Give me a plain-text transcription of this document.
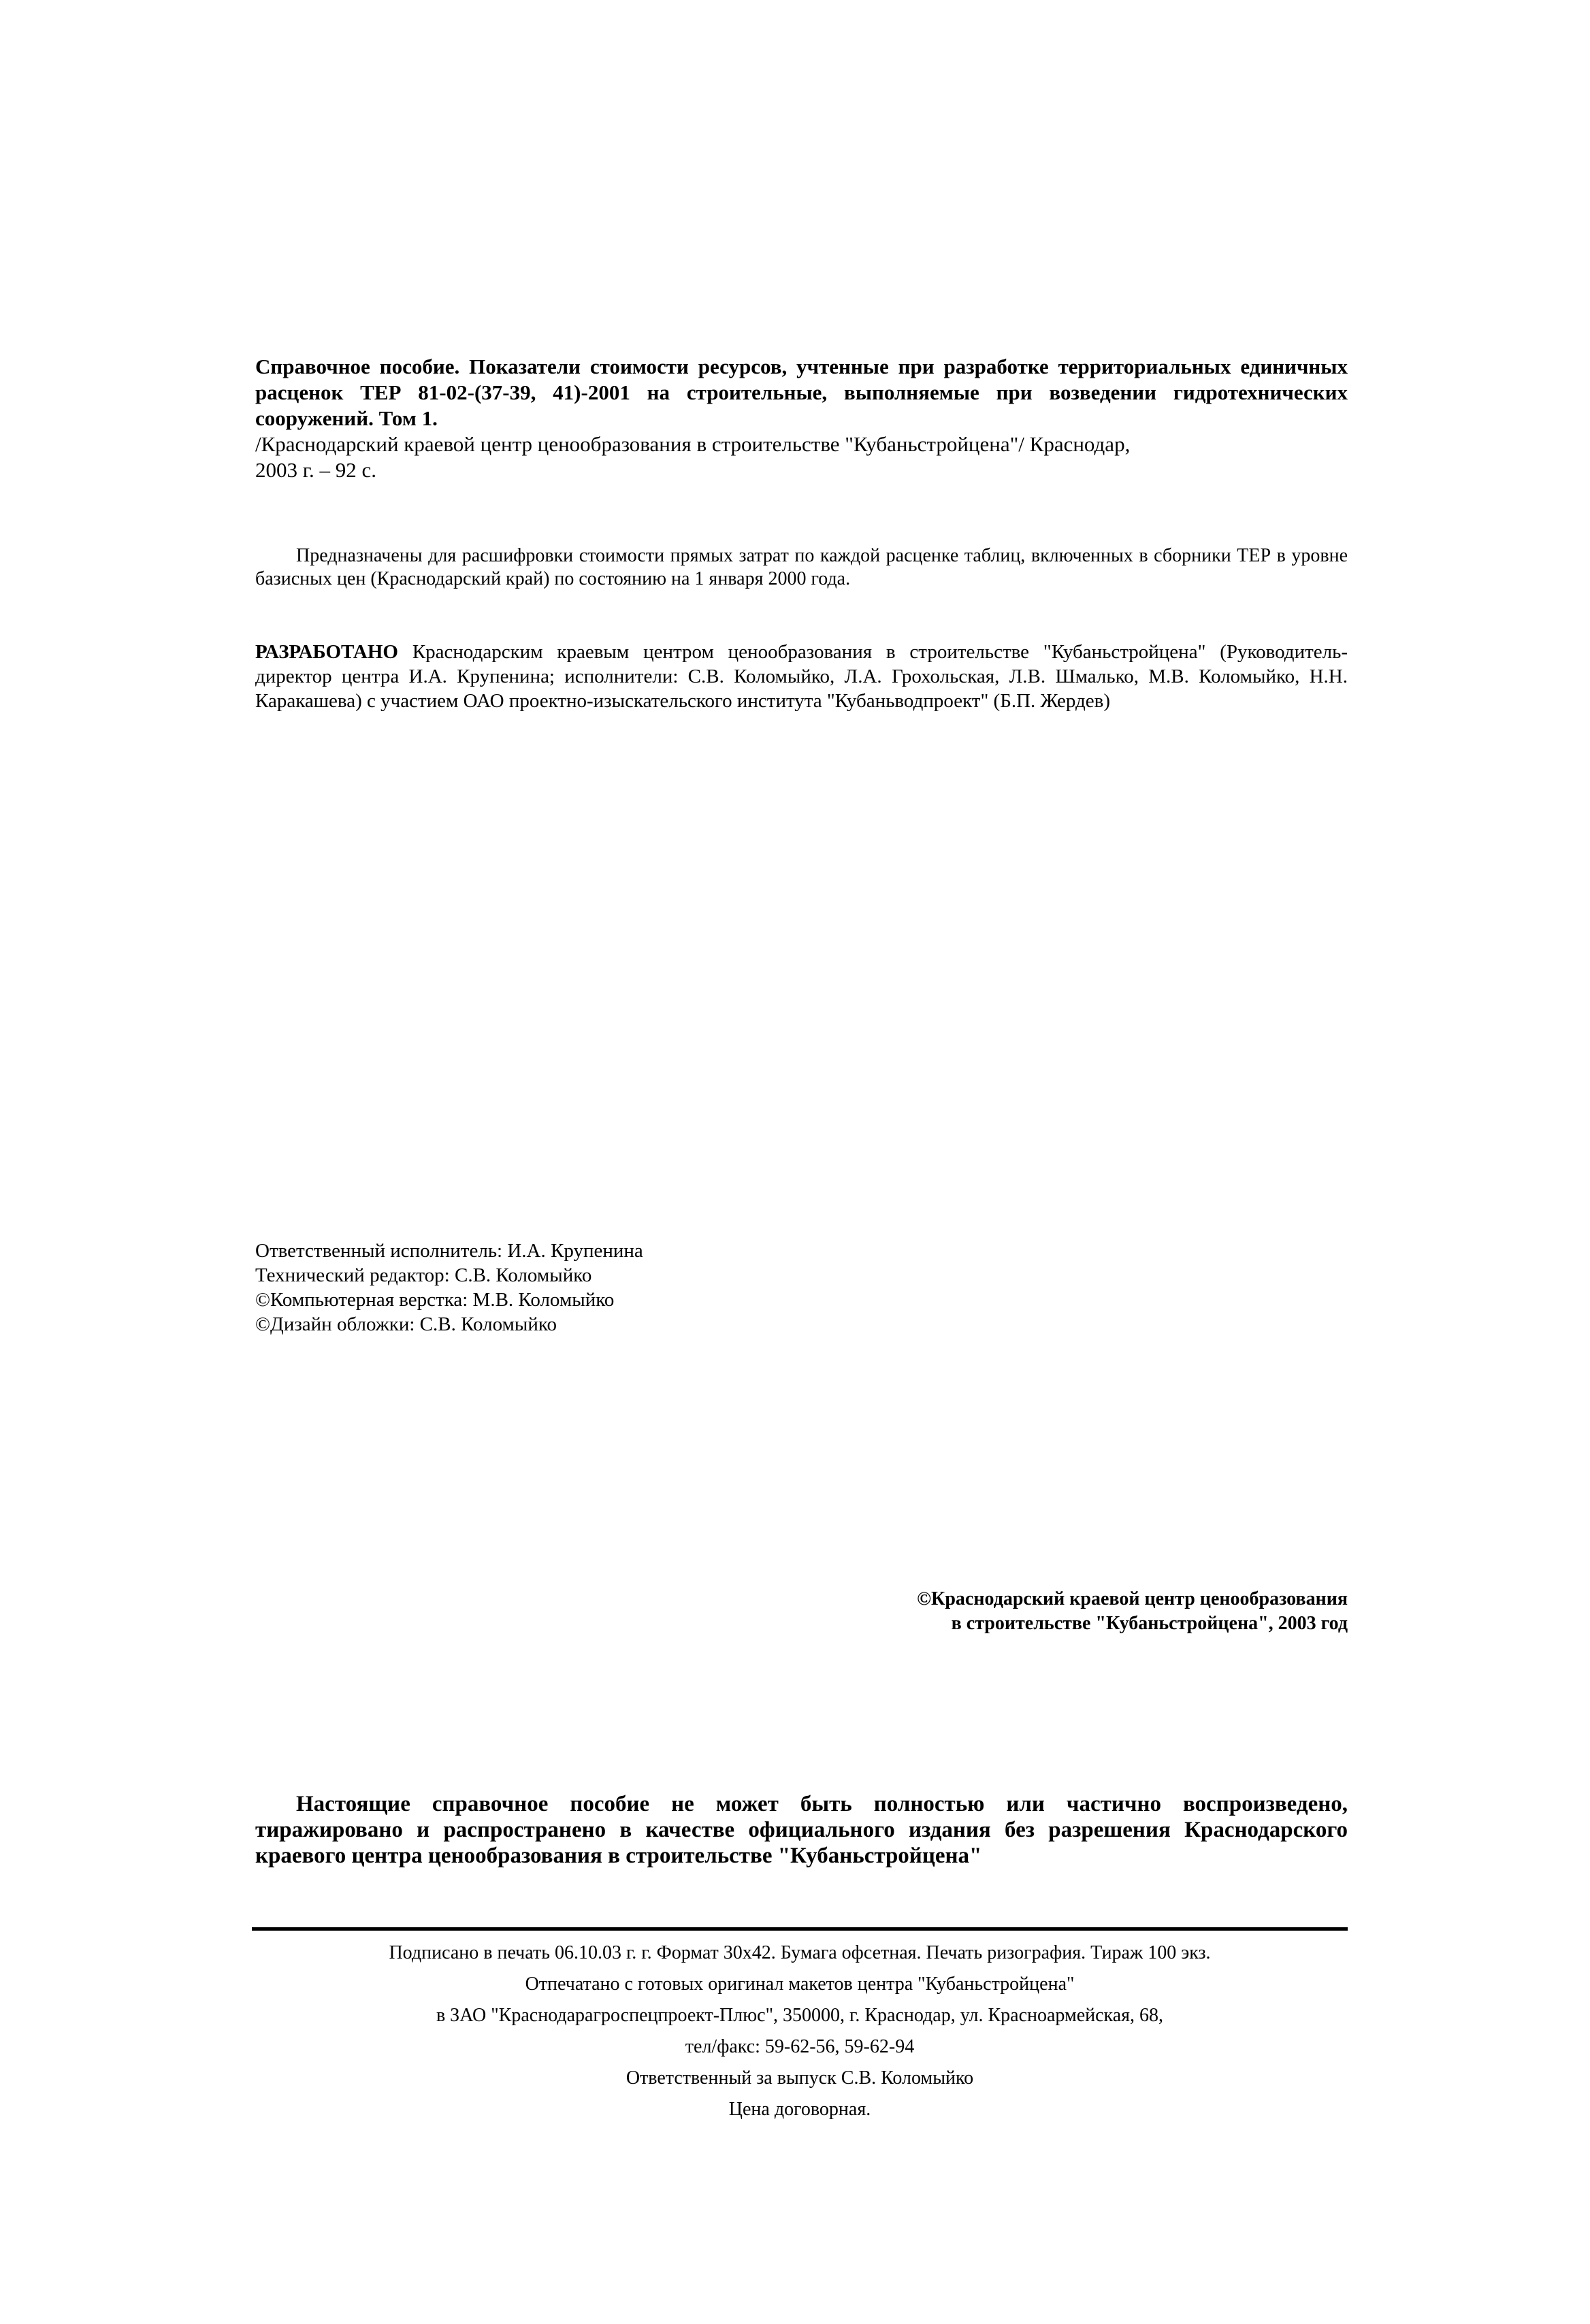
Справочное пособие. Показатели стоимости ресурсов, учтенные при разработке территориальных единичных расценок ТЕР 81-02-(37-39, 41)-2001 на строительные, выполняемые при возведении гидротехнических сооружений. Том 1.

/Краснодарский краевой центр ценообразования в строительстве "Кубаньстройцена"/ Краснодар,

2003 г. – 92 с.

Предназначены для расшифровки стоимости прямых затрат по каждой расценке таблиц, включенных в сборники ТЕР в уровне базисных цен (Краснодарский край) по состоянию на 1 января 2000 года.

РАЗРАБОТАНО Краснодарским краевым центром ценообразования в строительстве "Кубаньстройцена" (Руководитель- директор центра И.А. Крупенина; исполнители: С.В. Коломыйко, Л.А. Грохольская, Л.В. Шмалько, М.В. Коломыйко, Н.Н. Каракашева) с участием ОАО проектно-изыскательского института "Кубаньводпроект" (Б.П. Жердев)

Ответственный исполнитель: И.А. Крупенина

Технический редактор: С.В. Коломыйко

©Компьютерная верстка: М.В. Коломыйко

©Дизайн обложки: С.В. Коломыйко

©Краснодарский краевой центр ценообразования

в строительстве "Кубаньстройцена", 2003 год

Настоящие справочное пособие не может быть полностью или частично воспроизведено, тиражировано и распространено в качестве официального издания без разрешения Краснодарского краевого центра ценообразования в строительстве "Кубаньстройцена"

Подписано в печать 06.10.03 г. г. Формат 30х42. Бумага офсетная. Печать ризография. Тираж 100 экз.

Отпечатано с готовых оригинал макетов центра "Кубаньстройцена"

в ЗАО "Краснодарагроспецпроект-Плюс", 350000, г. Краснодар, ул. Красноармейская, 68,

тел/факс: 59-62-56, 59-62-94

Ответственный за выпуск С.В. Коломыйко

Цена договорная.
